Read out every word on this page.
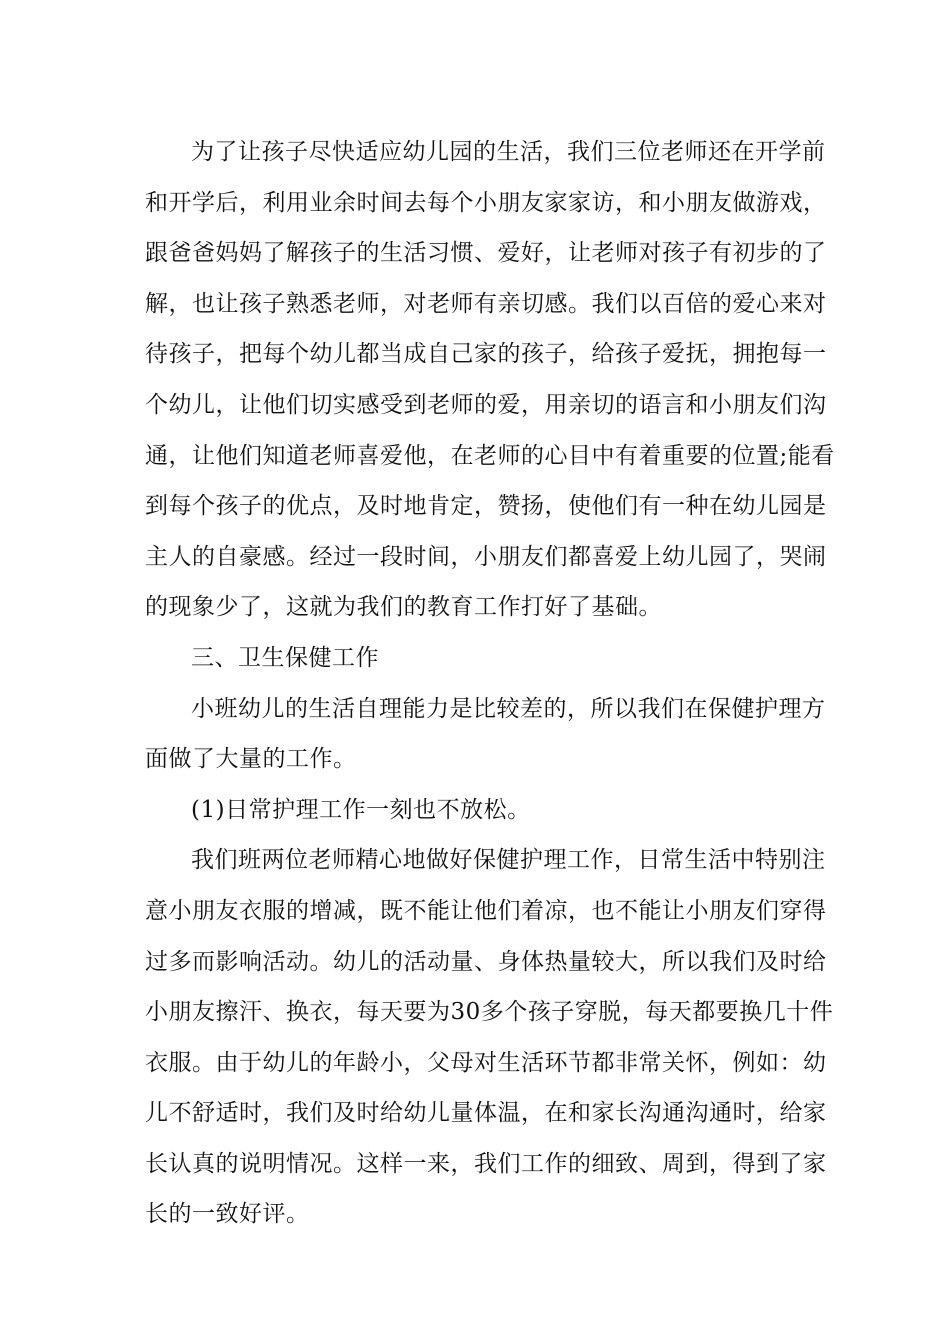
为了让孩子尽快适应幼儿园的生活，我们三位老师还在开学前
和开学后，利用业余时间去每个小朋友家家访，和小朋友做游戏，
跟爸爸妈妈了解孩子的生活习惯、爱好，让老师对孩子有初步的了
解，也让孩子熟悉老师，对老师有亲切感。我们以百倍的爱心来对
待孩子，把每个幼儿都当成自己家的孩子，给孩子爱抚，拥抱每一
个幼儿，让他们切实感受到老师的爱，用亲切的语言和小朋友们沟
通，让他们知道老师喜爱他，在老师的心目中有着重要的位置;能看
到每个孩子的优点，及时地肯定，赞扬，使他们有一种在幼儿园是
主人的自豪感。经过一段时间，小朋友们都喜爱上幼儿园了，哭闹
的现象少了，这就为我们的教育工作打好了基础。
三、卫生保健工作
小班幼儿的生活自理能力是比较差的，所以我们在保健护理方
面做了大量的工作。
(1)日常护理工作一刻也不放松。
我们班两位老师精心地做好保健护理工作，日常生活中特别注
意小朋友衣服的增减，既不能让他们着凉，也不能让小朋友们穿得
过多而影响活动。幼儿的活动量、身体热量较大，所以我们及时给
小朋友擦汗、换衣，每天要为30多个孩子穿脱，每天都要换几十件
衣服。由于幼儿的年龄小，父母对生活环节都非常关怀，例如：幼
儿不舒适时，我们及时给幼儿量体温，在和家长沟通沟通时，给家
长认真的说明情况。这样一来，我们工作的细致、周到，得到了家
长的一致好评。
